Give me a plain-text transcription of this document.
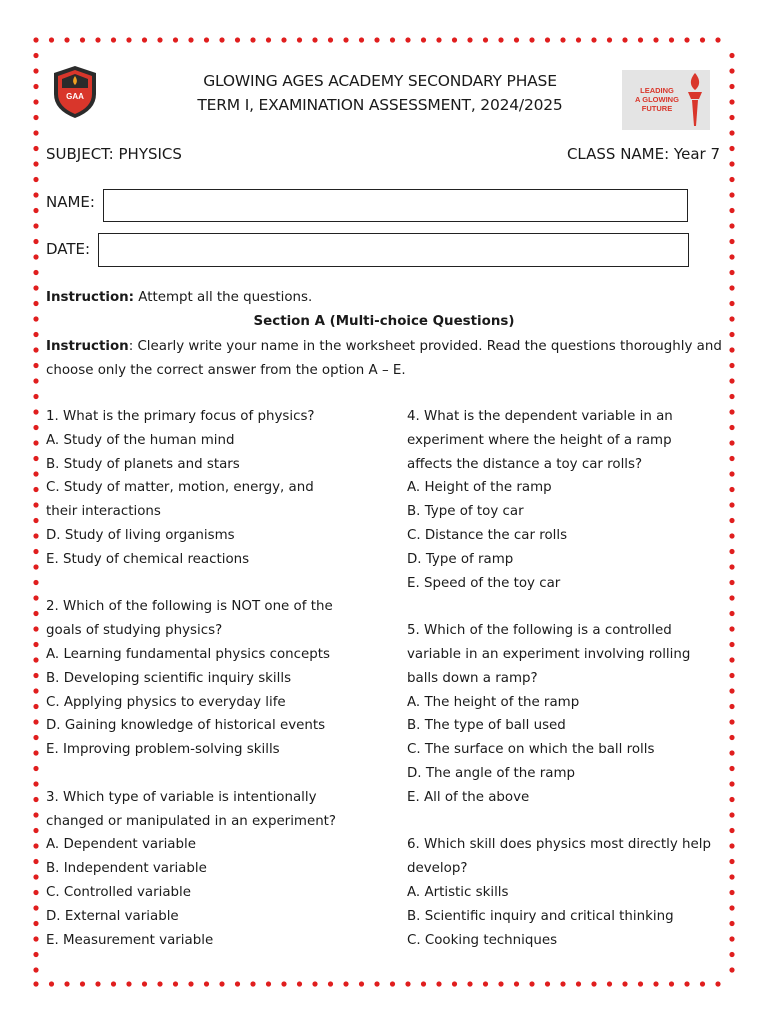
GAA
LEADING
A GLOWING
FUTURE
GLOWING AGES ACADEMY SECONDARY PHASE
TERM I, EXAMINATION ASSESSMENT, 2024/2025
SUBJECT: PHYSICS	CLASS NAME: Year 7
NAME:
DATE:
Instruction: Attempt all the questions.
Section A (Multi-choice Questions)
Instruction: Clearly write your name in the worksheet provided. Read the questions thoroughly and
choose only the correct answer from the option A – E.
1. What is the primary focus of physics?
A. Study of the human mind
B. Study of planets and stars
C. Study of matter, motion, energy, and
their interactions
D. Study of living organisms
E. Study of chemical reactions
2. Which of the following is NOT one of the
goals of studying physics?
A. Learning fundamental physics concepts
B. Developing scientific inquiry skills
C. Applying physics to everyday life
D. Gaining knowledge of historical events
E. Improving problem-solving skills
3. Which type of variable is intentionally
changed or manipulated in an experiment?
A. Dependent variable
B. Independent variable
C. Controlled variable
D. External variable
E. Measurement variable
4. What is the dependent variable in an
experiment where the height of a ramp
affects the distance a toy car rolls?
A. Height of the ramp
B. Type of toy car
C. Distance the car rolls
D. Type of ramp
E. Speed of the toy car
5. Which of the following is a controlled
variable in an experiment involving rolling
balls down a ramp?
A. The height of the ramp
B. The type of ball used
C. The surface on which the ball rolls
D. The angle of the ramp
E. All of the above
6. Which skill does physics most directly help
develop?
A. Artistic skills
B. Scientific inquiry and critical thinking
C. Cooking techniques
